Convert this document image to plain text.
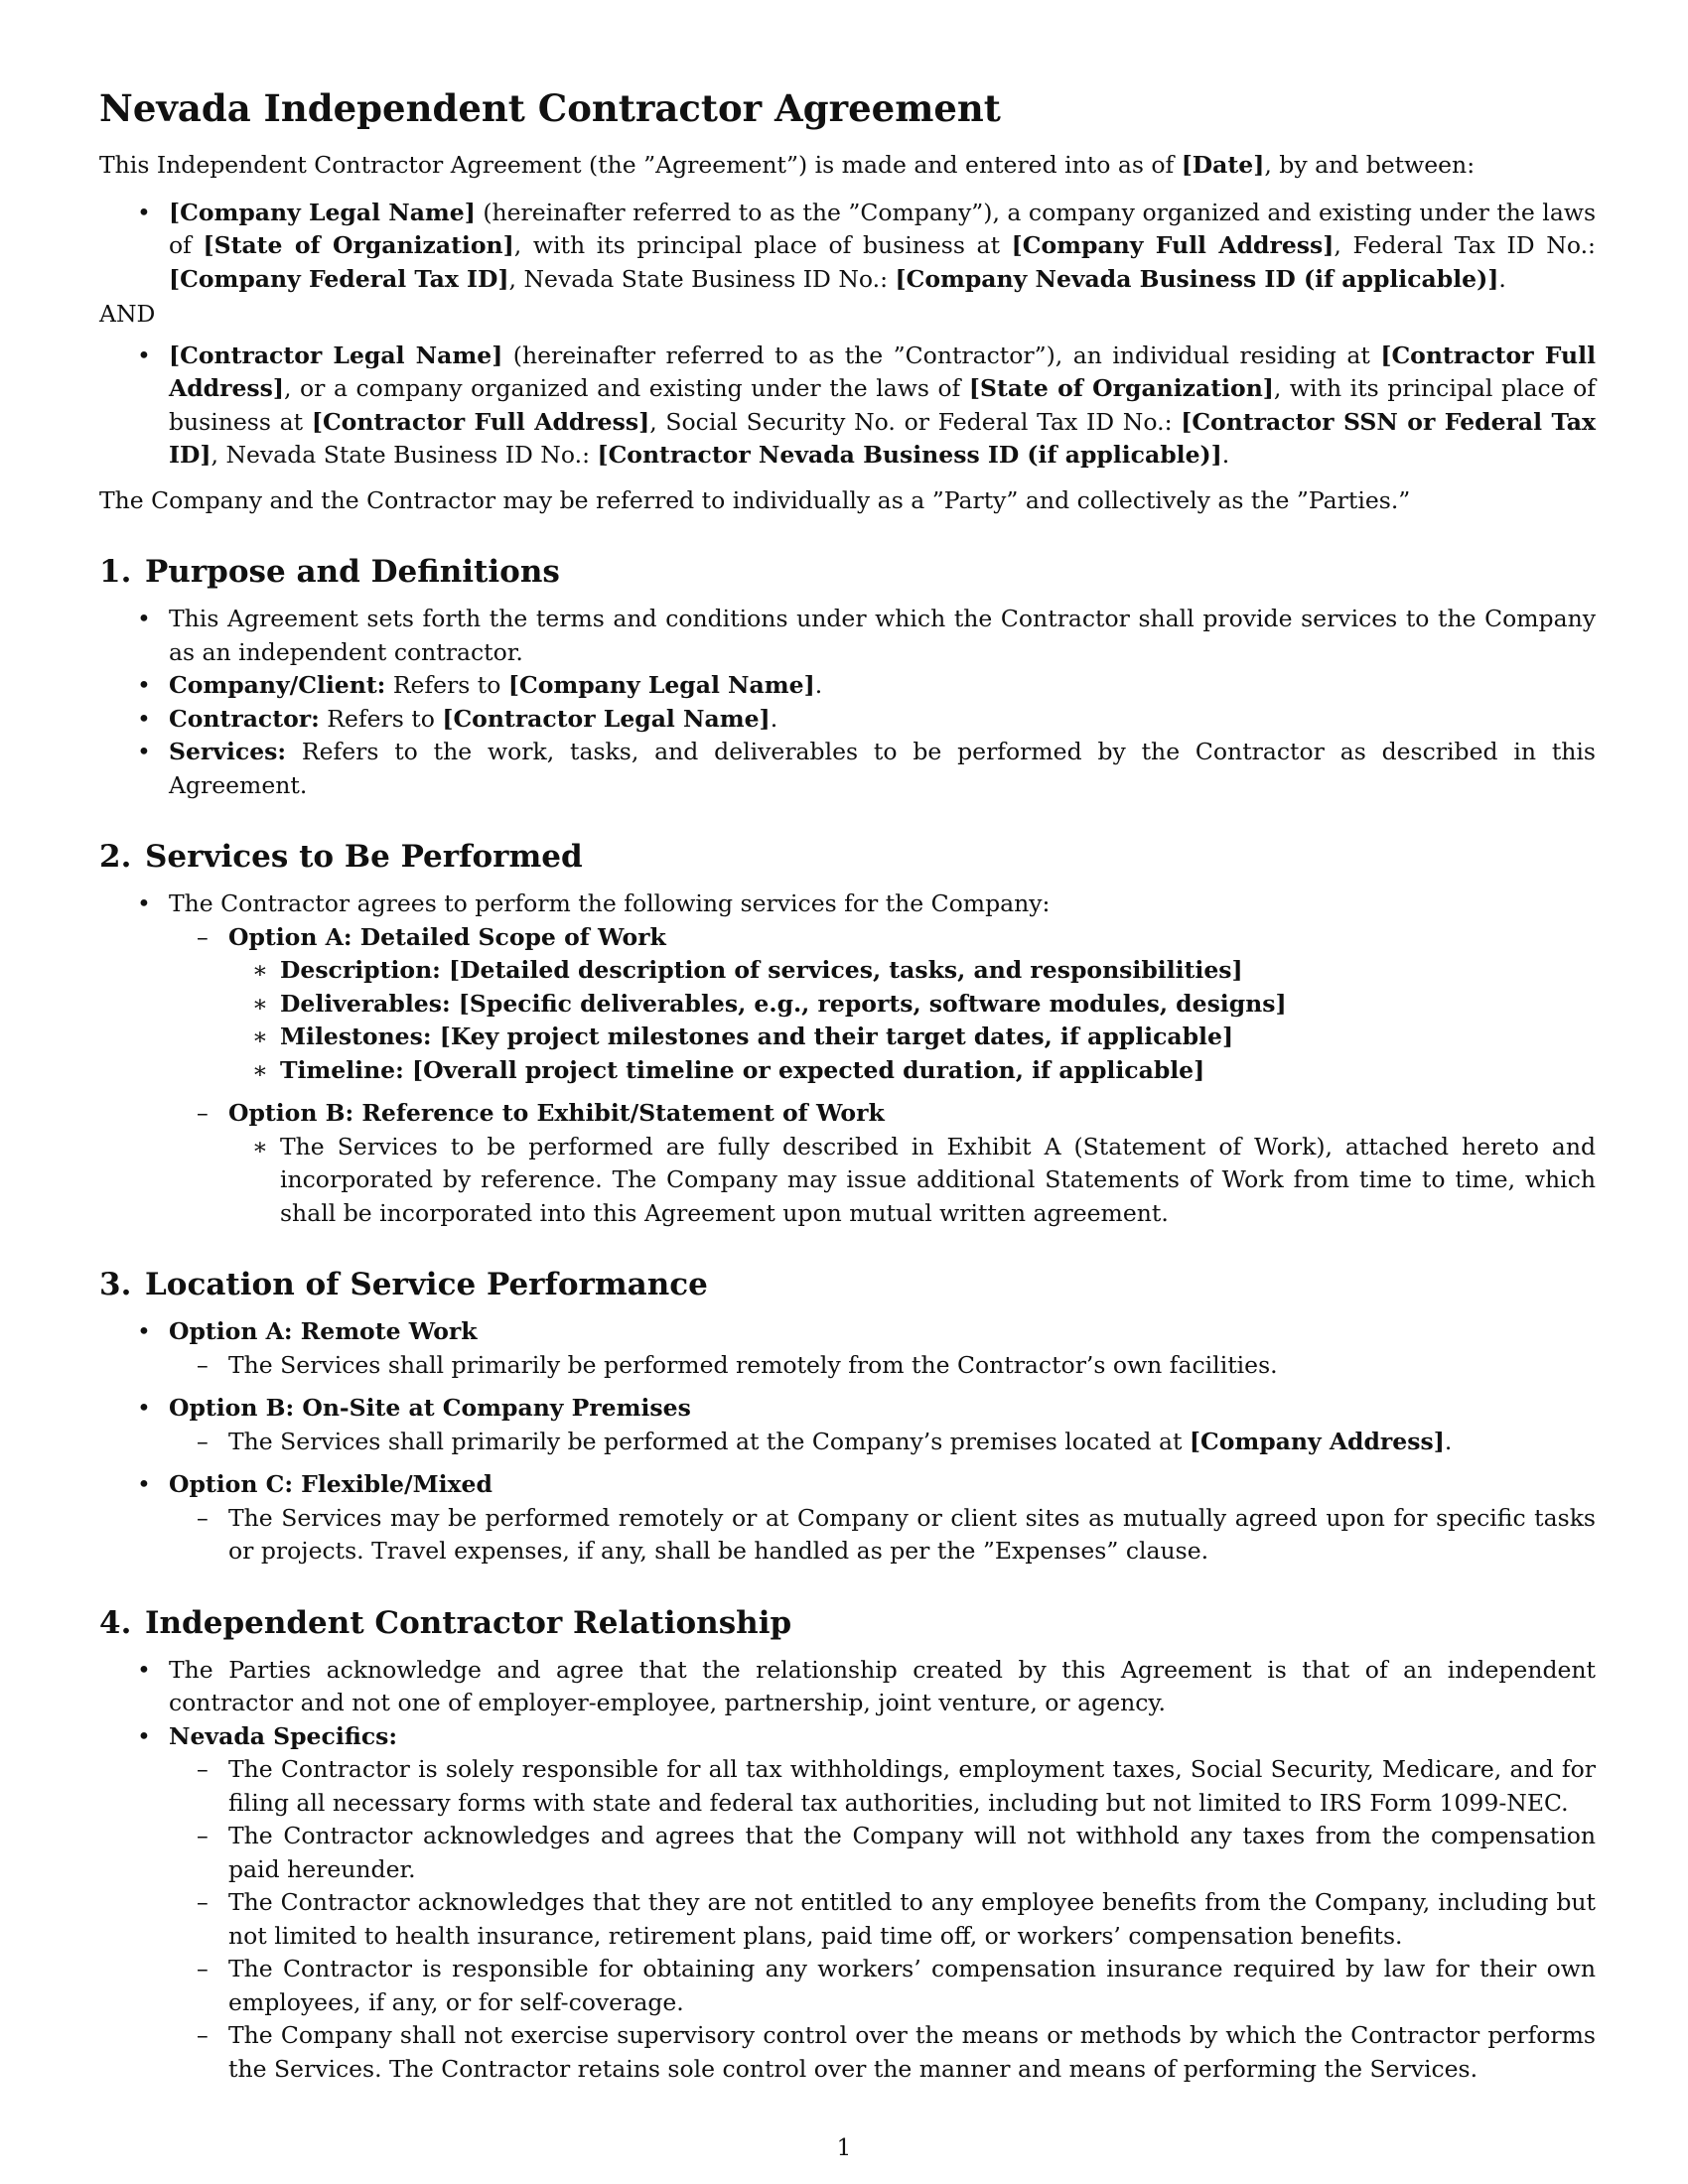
Nevada Independent Contractor Agreement

This Independent Contractor Agreement (the ”Agreement”) is made and entered into as of [Date], by and between:

• [Company Legal Name] (hereinafter referred to as the ”Company”), a company organized and existing under the laws of [State of Organization], with its principal place of business at [Company Full Address], Federal Tax ID No.: [Company Federal Tax ID], Nevada State Business ID No.: [Company Nevada Business ID (if applicable)].

AND

• [Contractor Legal Name] (hereinafter referred to as the ”Contractor”), an individual residing at [Contractor Full Address], or a company organized and existing under the laws of [State of Organization], with its principal place of business at [Contractor Full Address], Social Security No. or Federal Tax ID No.: [Contractor SSN or Federal Tax ID], Nevada State Business ID No.: [Contractor Nevada Business ID (if applicable)].

The Company and the Contractor may be referred to individually as a ”Party” and collectively as the ”Parties.”

1. Purpose and Definitions
• This Agreement sets forth the terms and conditions under which the Contractor shall provide services to the Company as an independent contractor.
• Company/Client: Refers to [Company Legal Name].
• Contractor: Refers to [Contractor Legal Name].
• Services: Refers to the work, tasks, and deliverables to be performed by the Contractor as described in this Agreement.
2. Services to Be Performed
• The Contractor agrees to perform the following services for the Company:
– Option A: Detailed Scope of Work
∗ Description: [Detailed description of services, tasks, and responsibilities]
∗ Deliverables: [Specific deliverables, e.g., reports, software modules, designs]
∗ Milestones: [Key project milestones and their target dates, if applicable]
∗ Timeline: [Overall project timeline or expected duration, if applicable]
– Option B: Reference to Exhibit/Statement of Work
∗ The Services to be performed are fully described in Exhibit A (Statement of Work), attached hereto and incorporated by reference. The Company may issue additional Statements of Work from time to time, which shall be incorporated into this Agreement upon mutual written agreement.
3. Location of Service Performance
• Option A: Remote Work
– The Services shall primarily be performed remotely from the Contractor’s own facilities.
• Option B: On-Site at Company Premises
– The Services shall primarily be performed at the Company’s premises located at [Company Address].
• Option C: Flexible/Mixed
– The Services may be performed remotely or at Company or client sites as mutually agreed upon for specific tasks or projects. Travel expenses, if any, shall be handled as per the ”Expenses” clause.
4. Independent Contractor Relationship
• The Parties acknowledge and agree that the relationship created by this Agreement is that of an independent contractor and not one of employer-employee, partnership, joint venture, or agency.
• Nevada Specifics:
– The Contractor is solely responsible for all tax withholdings, employment taxes, Social Security, Medicare, and for filing all necessary forms with state and federal tax authorities, including but not limited to IRS Form 1099-NEC.
– The Contractor acknowledges and agrees that the Company will not withhold any taxes from the compensation paid hereunder.
– The Contractor acknowledges that they are not entitled to any employee benefits from the Company, including but not limited to health insurance, retirement plans, paid time off, or workers’ compensation benefits.
– The Contractor is responsible for obtaining any workers’ compensation insurance required by law for their own employees, if any, or for self-coverage.
– The Company shall not exercise supervisory control over the means or methods by which the Contractor performs the Services. The Contractor retains sole control over the manner and means of performing the Services.
1
